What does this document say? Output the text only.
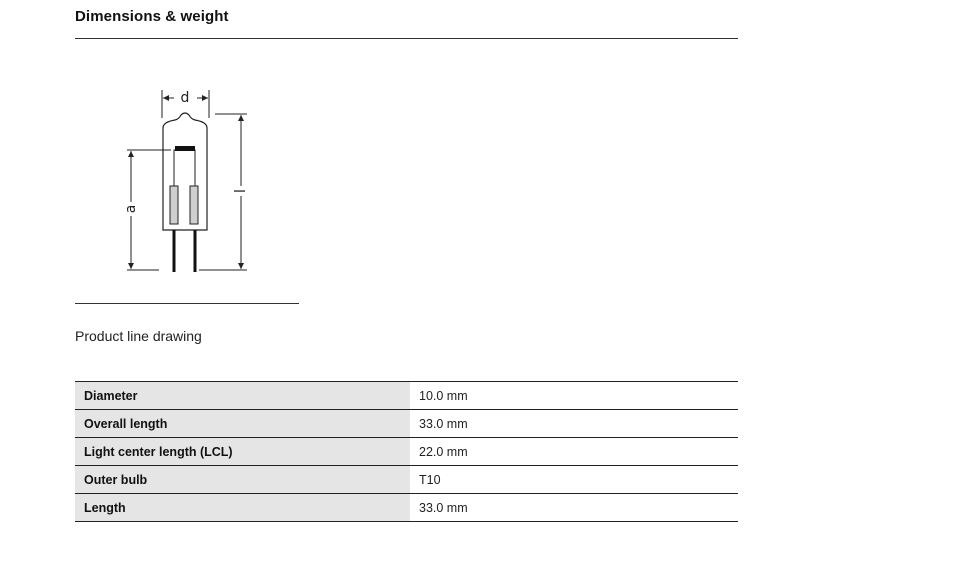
Dimensions & weight
d
l
a
Product line drawing
Diameter	10.0 mm
Overall length	33.0 mm
Light center length (LCL)	22.0 mm
Outer bulb	T10
Length	33.0 mm
